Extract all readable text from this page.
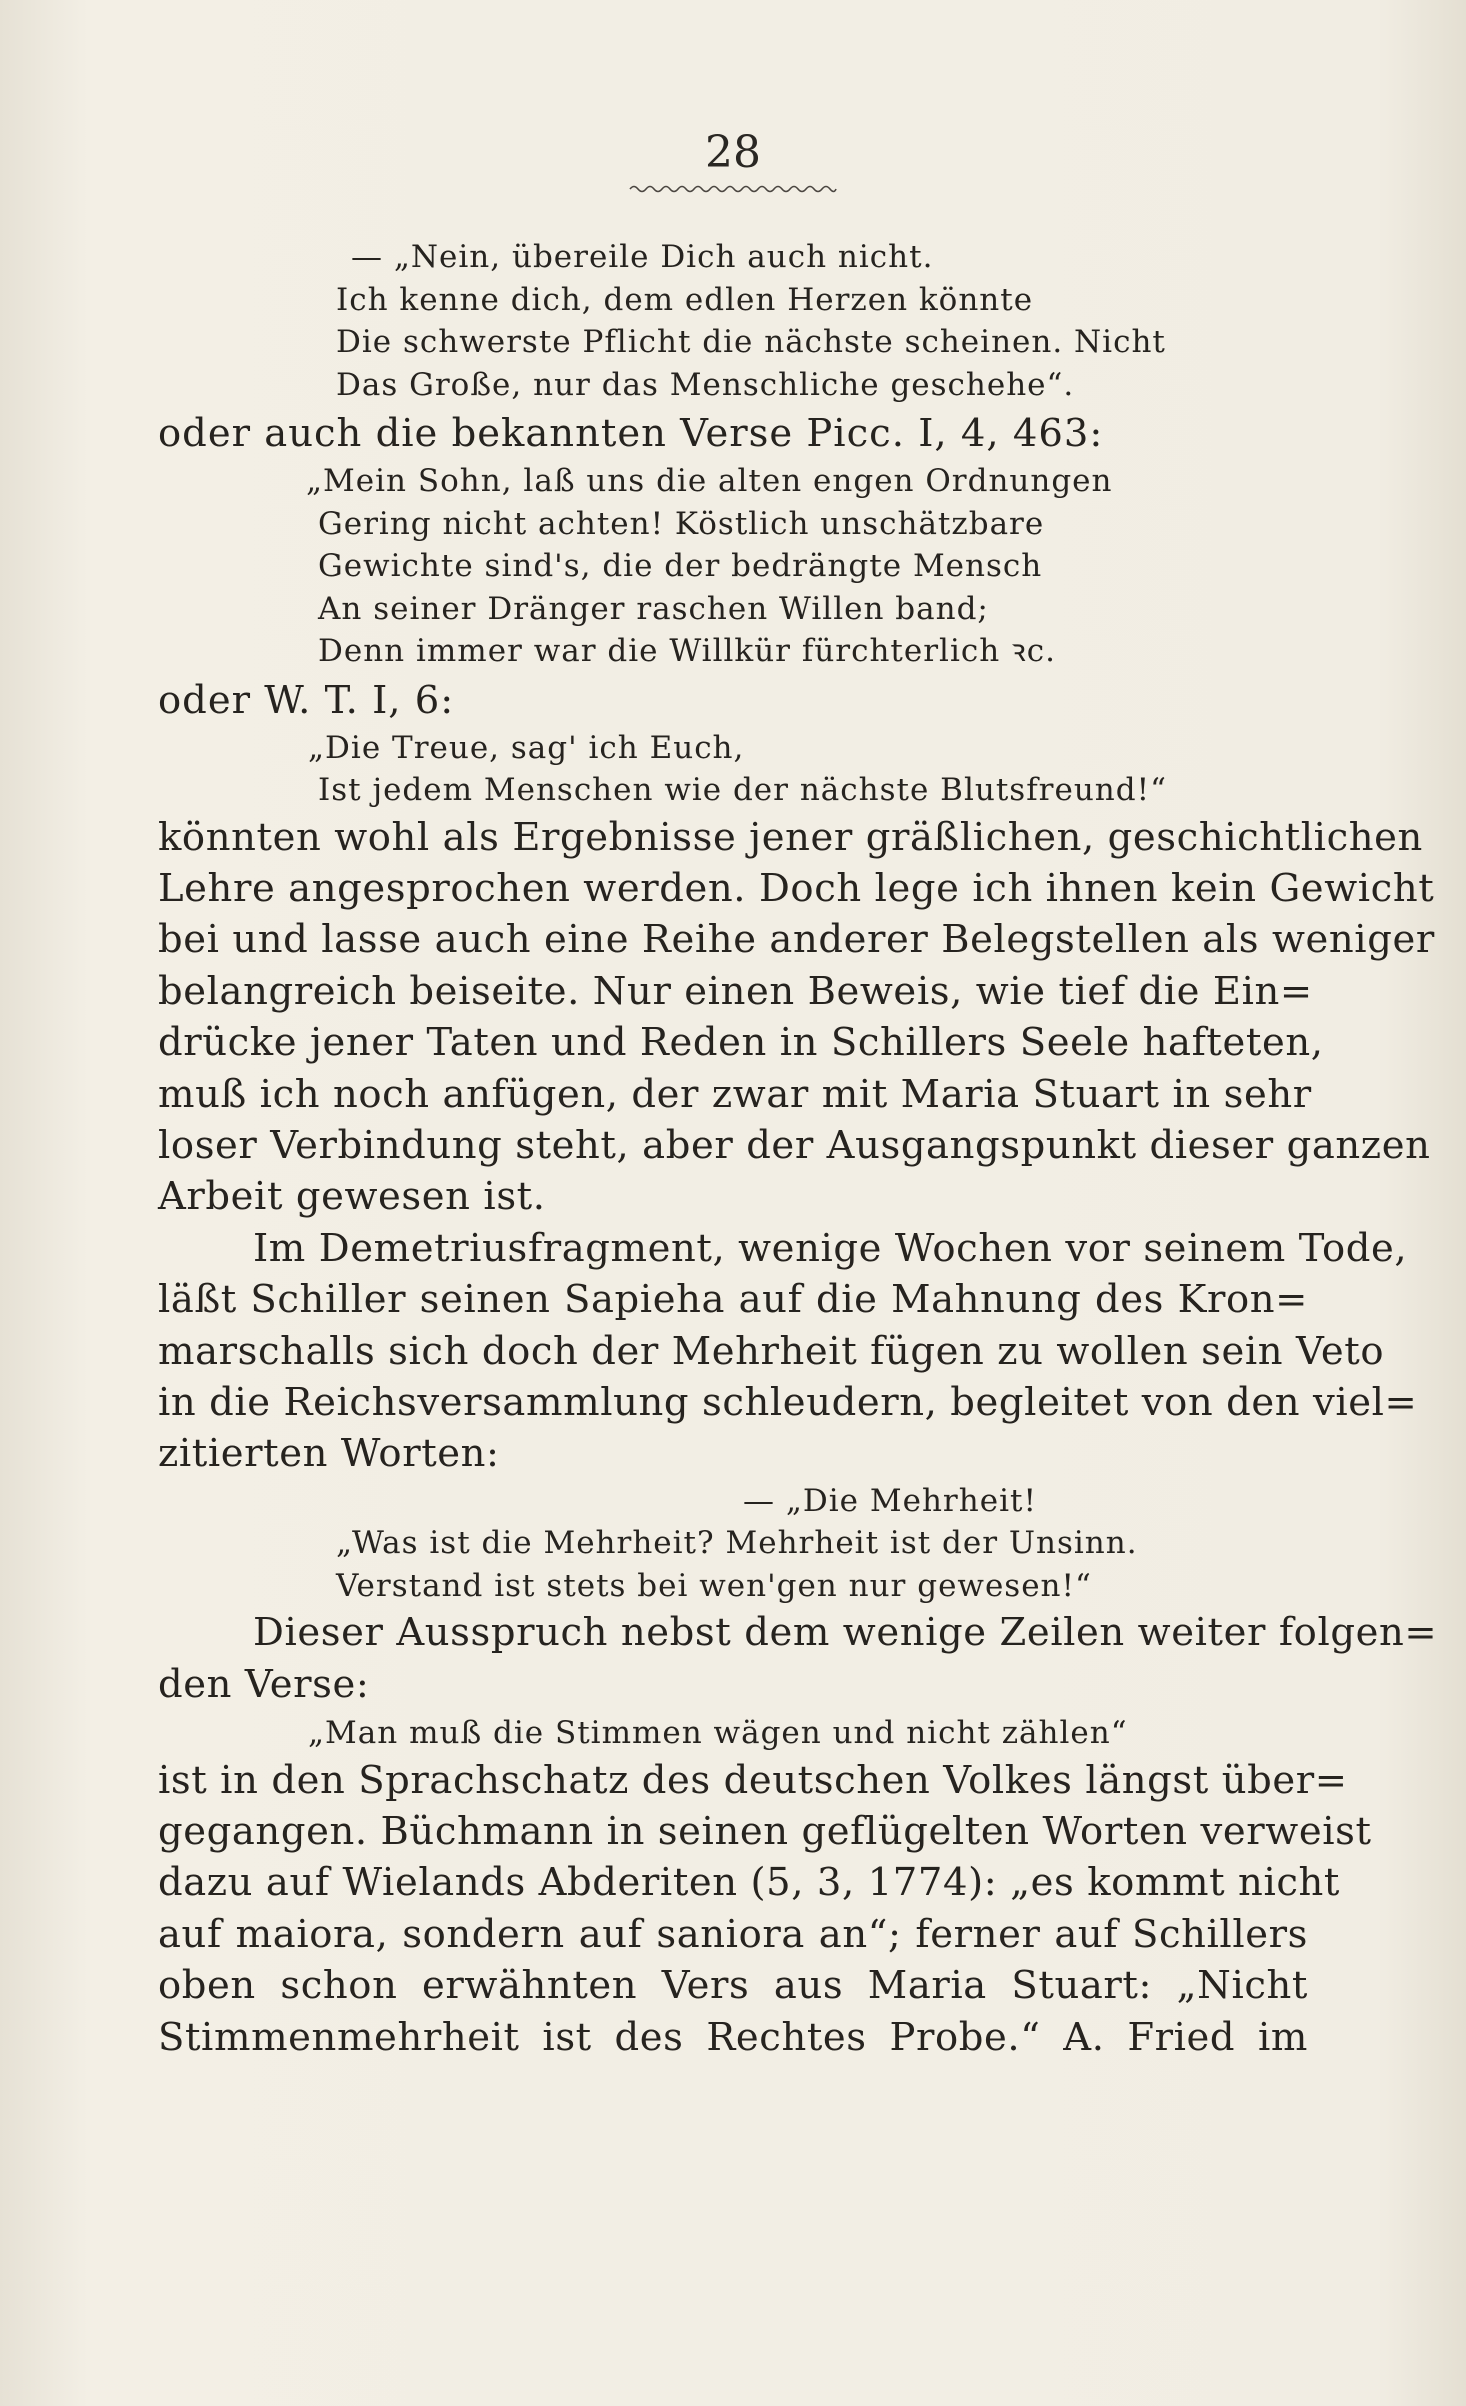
28
— „Nein, übereile Dich auch nicht.
Ich kenne dich, dem edlen Herzen könnte
Die schwerste Pflicht die nächste scheinen. Nicht
Das Große, nur das Menschliche geschehe“.
oder auch die bekannten Verse Picc. I, 4, 463:
„Mein Sohn, laß uns die alten engen Ordnungen
Gering nicht achten! Köstlich unschätzbare
Gewichte sind's, die der bedrängte Mensch
An seiner Dränger raschen Willen band;
Denn immer war die Willkür fürchterlich ꝛc.
oder W. T. I, 6:
„Die Treue, sag' ich Euch,
Ist jedem Menschen wie der nächste Blutsfreund!“
könnten wohl als Ergebnisse jener gräßlichen, geschichtlichen
Lehre angesprochen werden. Doch lege ich ihnen kein Gewicht
bei und lasse auch eine Reihe anderer Belegstellen als weniger
belangreich beiseite. Nur einen Beweis, wie tief die Ein=
drücke jener Taten und Reden in Schillers Seele hafteten,
muß ich noch anfügen, der zwar mit Maria Stuart in sehr
loser Verbindung steht, aber der Ausgangspunkt dieser ganzen
Arbeit gewesen ist.
Im Demetriusfragment, wenige Wochen vor seinem Tode,
läßt Schiller seinen Sapieha auf die Mahnung des Kron=
marschalls sich doch der Mehrheit fügen zu wollen sein Veto
in die Reichsversammlung schleudern, begleitet von den viel=
zitierten Worten:
— „Die Mehrheit!
„Was ist die Mehrheit? Mehrheit ist der Unsinn.
Verstand ist stets bei wen'gen nur gewesen!“
Dieser Ausspruch nebst dem wenige Zeilen weiter folgen=
den Verse:
„Man muß die Stimmen wägen und nicht zählen“
ist in den Sprachschatz des deutschen Volkes längst über=
gegangen. Büchmann in seinen geflügelten Worten verweist
dazu auf Wielands Abderiten (5, 3, 1774): „es kommt nicht
auf maiora, sondern auf saniora an“; ferner auf Schillers
oben schon erwähnten Vers aus Maria Stuart: „Nicht
Stimmenmehrheit ist des Rechtes Probe.“ A. Fried im
